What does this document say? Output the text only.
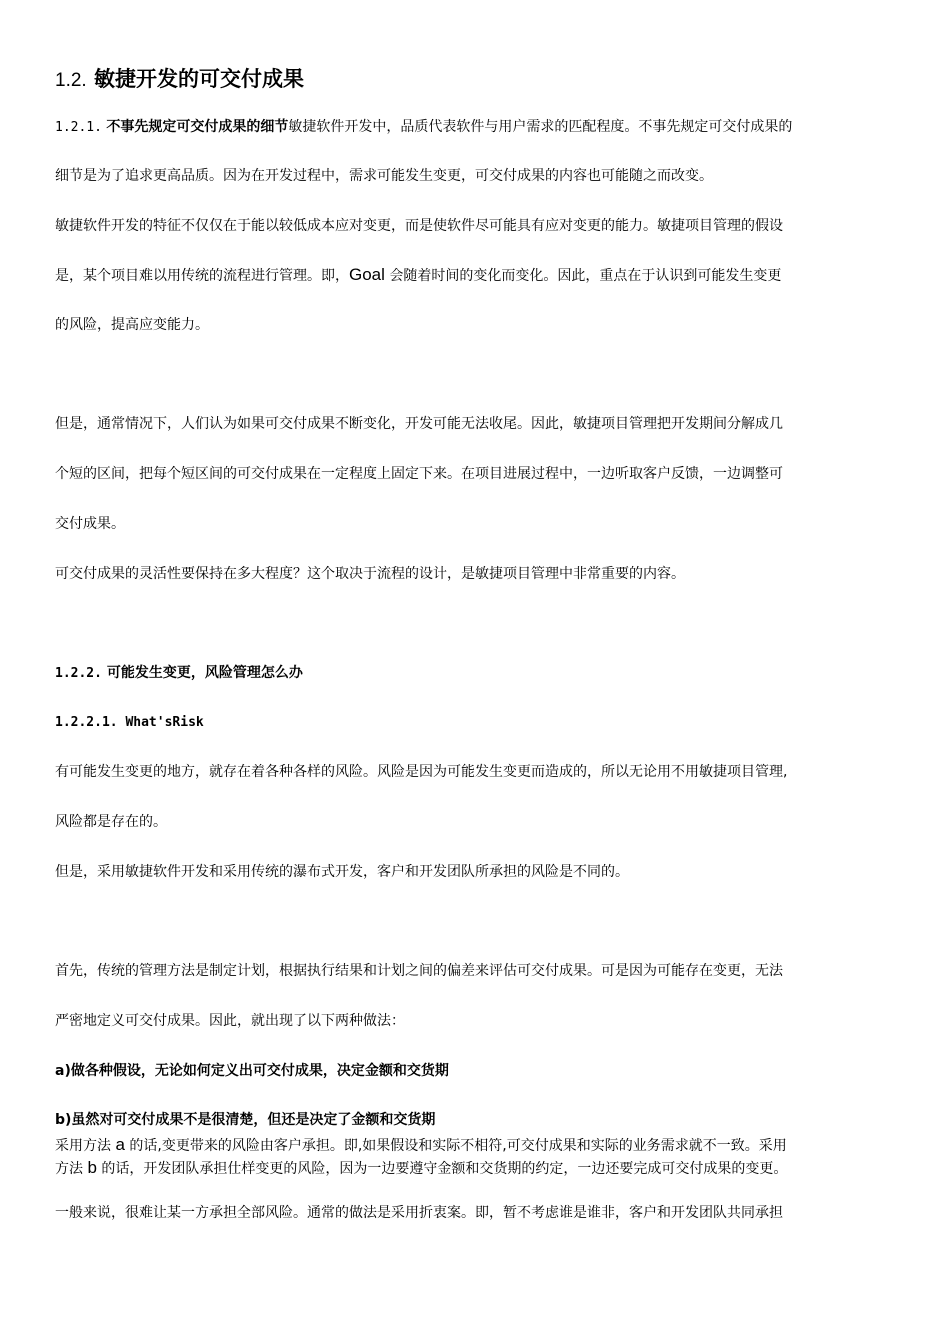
1.2. 敏捷开发的可交付成果
1.2.1. 不事先规定可交付成果的细节敏捷软件开发中，品质代表软件与用户需求的匹配程度。不事先规定可交付成果的
细节是为了追求更高品质。因为在开发过程中，需求可能发生变更，可交付成果的内容也可能随之而改变。
敏捷软件开发的特征不仅仅在于能以较低成本应对变更，而是使软件尽可能具有应对变更的能力。敏捷项目管理的假设
是，某个项目难以用传统的流程进行管理。即，Goal 会随着时间的变化而变化。因此，重点在于认识到可能发生变更
的风险，提高应变能力。
但是，通常情况下，人们认为如果可交付成果不断变化，开发可能无法收尾。因此，敏捷项目管理把开发期间分解成几
个短的区间，把每个短区间的可交付成果在一定程度上固定下来。在项目进展过程中，一边听取客户反馈，一边调整可
交付成果。
可交付成果的灵活性要保持在多大程度？这个取决于流程的设计，是敏捷项目管理中非常重要的内容。
1.2.2. 可能发生变更，风险管理怎么办
1.2.2.1. What'sRisk
有可能发生变更的地方，就存在着各种各样的风险。风险是因为可能发生变更而造成的，所以无论用不用敏捷项目管理,
风险都是存在的。
但是，采用敏捷软件开发和采用传统的瀑布式开发，客户和开发团队所承担的风险是不同的。
首先，传统的管理方法是制定计划，根据执行结果和计划之间的偏差来评估可交付成果。可是因为可能存在变更，无法
严密地定义可交付成果。因此，就出现了以下两种做法：
a)做各种假设，无论如何定义出可交付成果，决定金额和交货期
b)虽然对可交付成果不是很清楚，但还是决定了金额和交货期
采用方法 a 的话,变更带来的风险由客户承担。即,如果假设和实际不相符,可交付成果和实际的业务需求就不一致。采用
方法 b 的话，开发团队承担仕样变更的风险，因为一边要遵守金额和交货期的约定，一边还要完成可交付成果的变更。
一般来说，很难让某一方承担全部风险。通常的做法是采用折衷案。即，暂不考虑谁是谁非，客户和开发团队共同承担
